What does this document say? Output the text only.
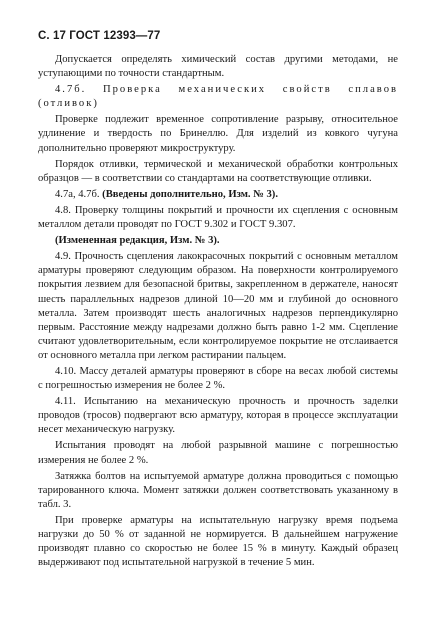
С. 17 ГОСТ 12393—77

Допускается определять химический состав другими методами, не уступающими по точности стандартным.

4.7б. Проверка механических свойств сплавов (отливок)

Проверке подлежит временное сопротивление разрыву, относительное удлинение и твердость по Бринеллю. Для изделий из ковкого чугуна дополнительно проверяют микроструктуру.

Порядок отливки, термической и механической обработки контрольных образцов — в соответствии со стандартами на соответствующие отливки.

4.7а, 4.7б. (Введены дополнительно, Изм. № 3).

4.8. Проверку толщины покрытий и прочности их сцепления с основным металлом детали проводят по ГОСТ 9.302 и ГОСТ 9.307.

(Измененная редакция, Изм. № 3).

4.9. Прочность сцепления лакокрасочных покрытий с основным металлом арматуры проверяют следующим образом. На поверхности контролируемого покрытия лезвием для безопасной бритвы, закрепленном в держателе, наносят шесть параллельных надрезов длиной 10—20 мм и глубиной до основного металла. Затем производят шесть аналогичных надрезов перпендикулярно первым. Расстояние между надрезами должно быть равно 1-2 мм. Сцепление считают удовлетворительным, если контролируемое покрытие не отслаивается от основного металла при легком растирании пальцем.

4.10. Массу деталей арматуры проверяют в сборе на весах любой системы с погрешностью измерения не более 2 %.

4.11. Испытанию на механическую прочность и прочность заделки проводов (тросов) подвергают всю арматуру, которая в процессе эксплуатации несет механическую нагрузку.

Испытания проводят на любой разрывной машине с погрешностью измерения не более 2 %.

Затяжка болтов на испытуемой арматуре должна проводиться с помощью тарированного ключа. Момент затяжки должен соответствовать указанному в табл. 3.

При проверке арматуры на испытательную нагрузку время подъема нагрузки до 50 % от заданной не нормируется. В дальнейшем нагружение производят плавно со скоростью не более 15 % в минуту. Каждый образец выдерживают под испытательной нагрузкой в течение 5 мин.
